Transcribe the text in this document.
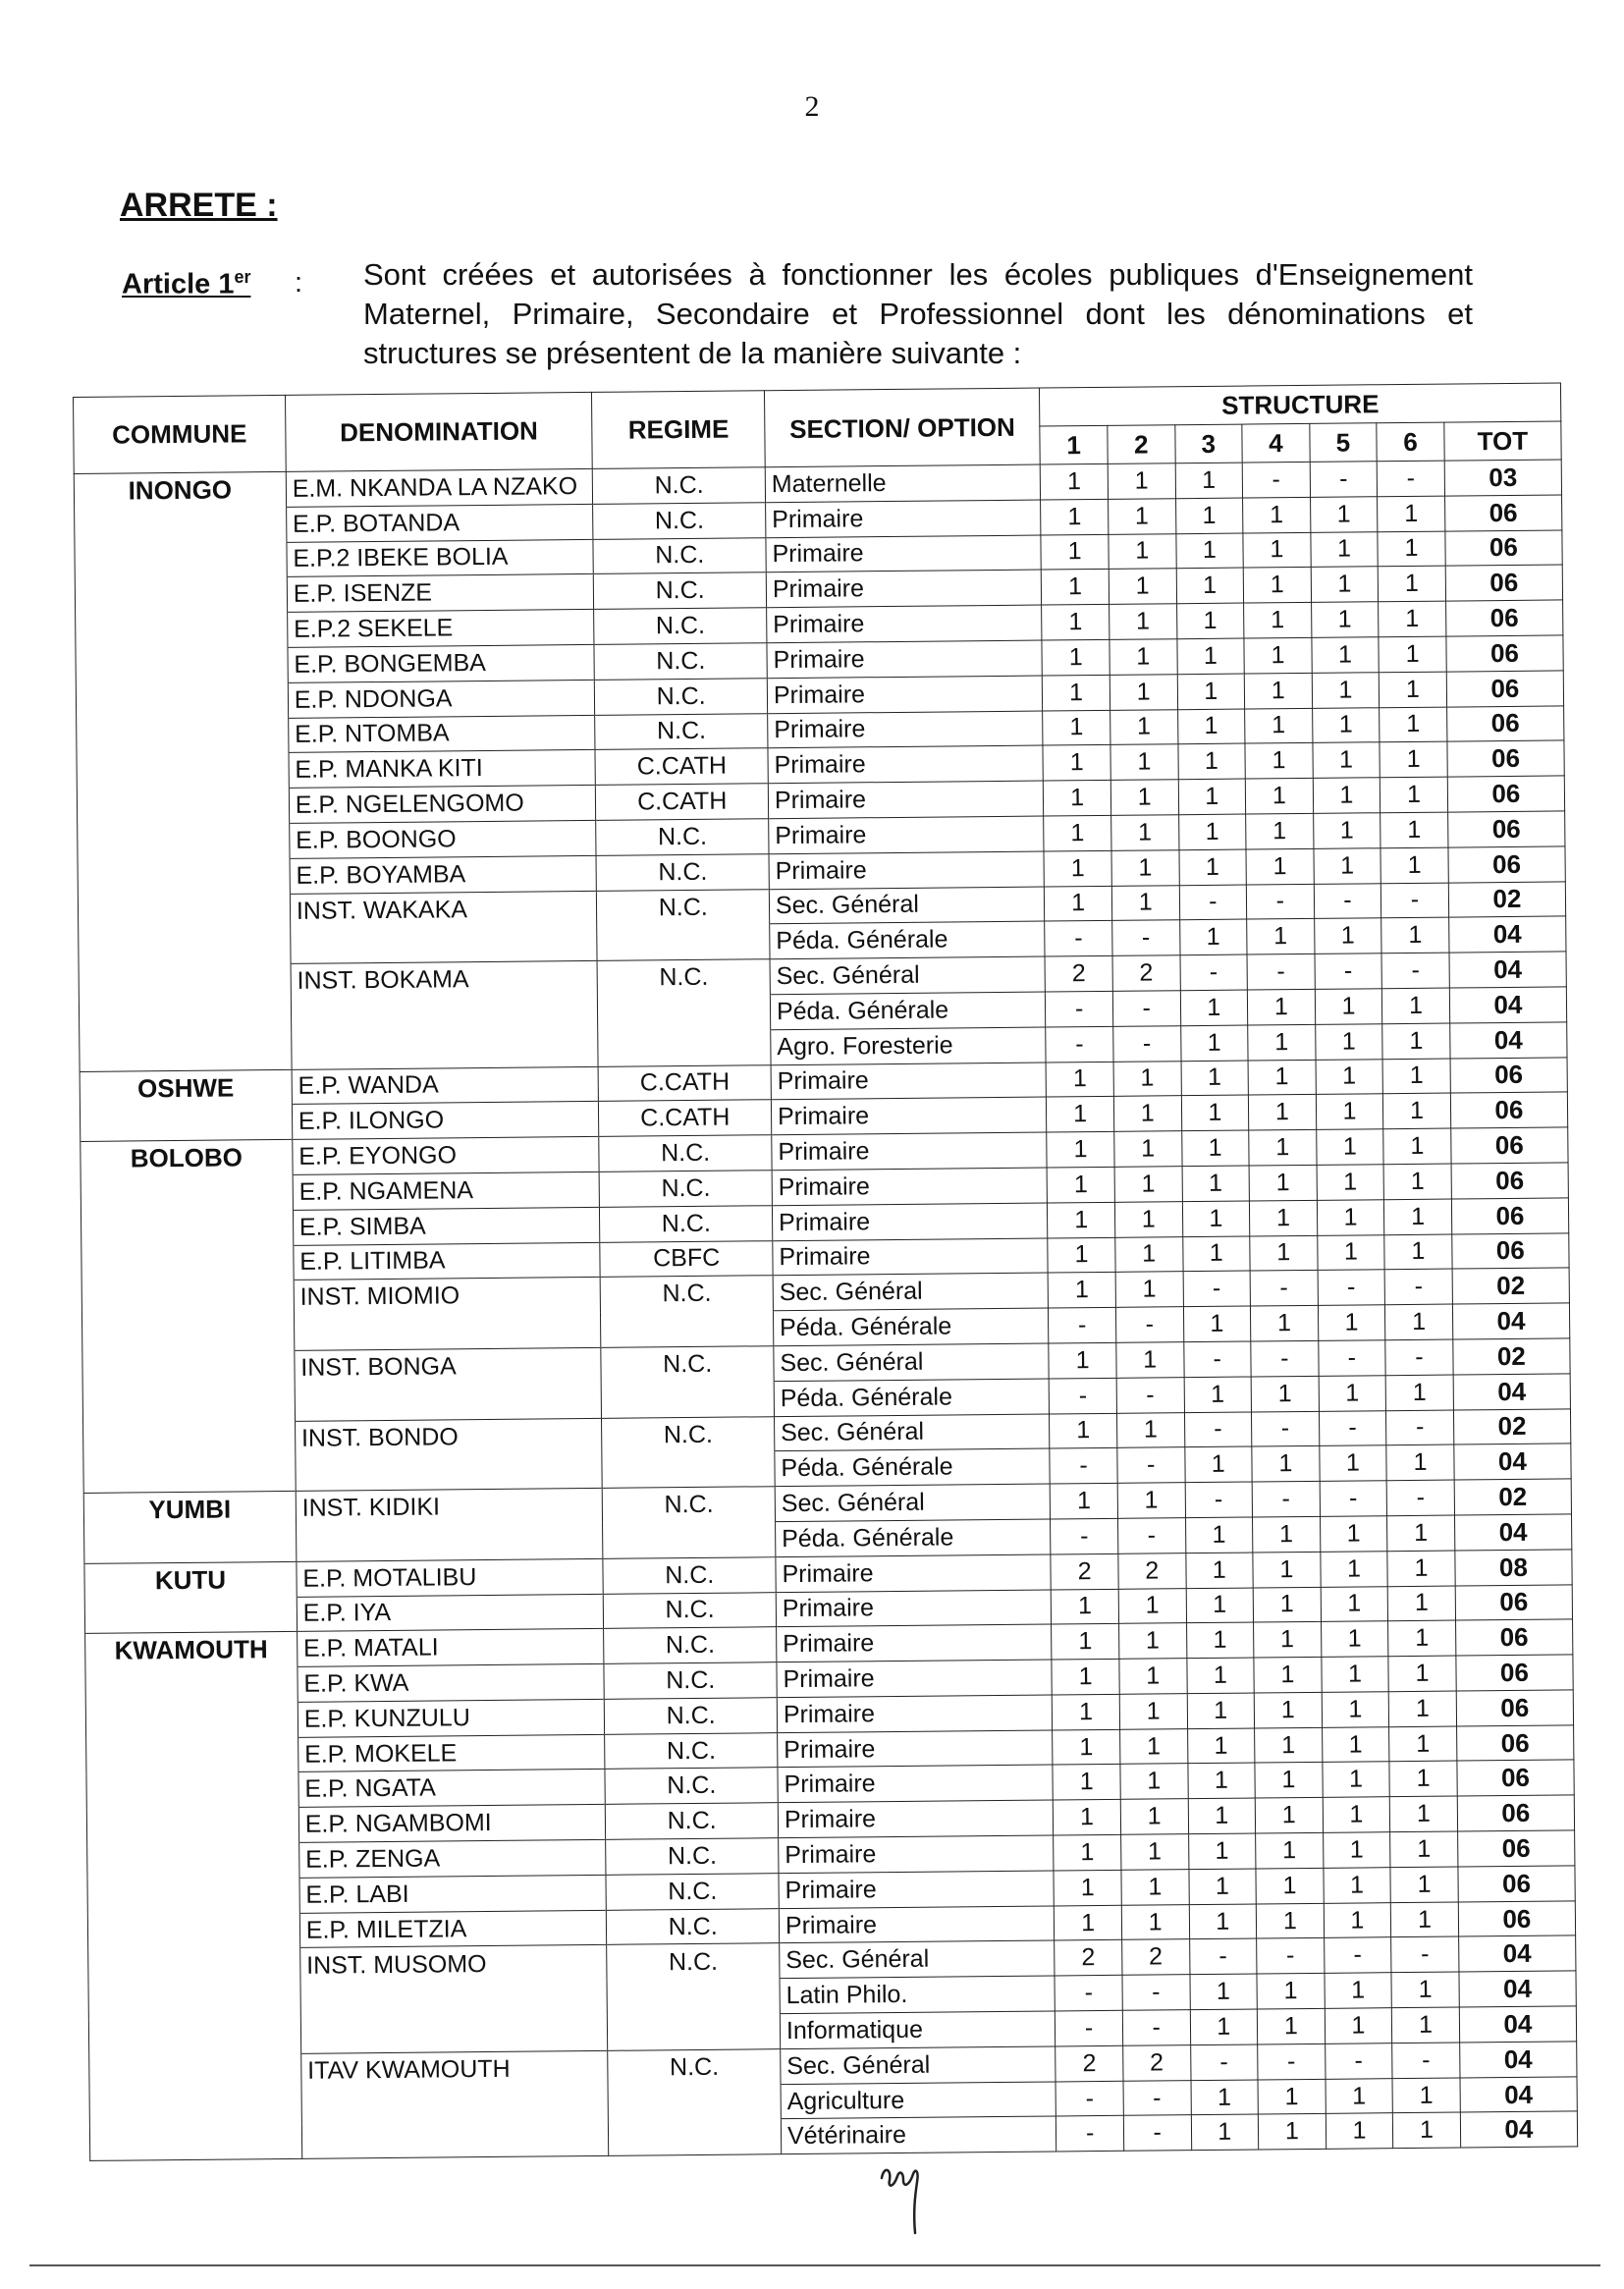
2
ARRETE :
Article 1er : Sont créées et autorisées à fonctionner les écoles publiques d'Enseignement Maternel, Primaire, Secondaire et Professionnel dont les dénominations et structures se présentent de la manière suivante :
COMMUNE	DENOMINATION	REGIME	SECTION/ OPTION	STRUCTURE						
				1	2	3	4	5	6	TOT
INONGO	E.M. NKANDA LA NZAKO	N.C.	Maternelle	1	1	1	-	-	-	03
	E.P. BOTANDA	N.C.	Primaire	1	1	1	1	1	1	06
	E.P.2 IBEKE BOLIA	N.C.	Primaire	1	1	1	1	1	1	06
	E.P. ISENZE	N.C.	Primaire	1	1	1	1	1	1	06
	E.P.2 SEKELE	N.C.	Primaire	1	1	1	1	1	1	06
	E.P. BONGEMBA	N.C.	Primaire	1	1	1	1	1	1	06
	E.P. NDONGA	N.C.	Primaire	1	1	1	1	1	1	06
	E.P. NTOMBA	N.C.	Primaire	1	1	1	1	1	1	06
	E.P. MANKA KITI	C.CATH	Primaire	1	1	1	1	1	1	06
	E.P. NGELENGOMO	C.CATH	Primaire	1	1	1	1	1	1	06
	E.P. BOONGO	N.C.	Primaire	1	1	1	1	1	1	06
	E.P. BOYAMBA	N.C.	Primaire	1	1	1	1	1	1	06
	INST. WAKAKA	N.C.	Sec. Général	1	1	-	-	-	-	02
			Péda. Générale	-	-	1	1	1	1	04
	INST. BOKAMA	N.C.	Sec. Général	2	2	-	-	-	-	04
			Péda. Générale	-	-	1	1	1	1	04
			Agro. Foresterie	-	-	1	1	1	1	04
OSHWE	E.P. WANDA	C.CATH	Primaire	1	1	1	1	1	1	06
	E.P. ILONGO	C.CATH	Primaire	1	1	1	1	1	1	06
BOLOBO	E.P. EYONGO	N.C.	Primaire	1	1	1	1	1	1	06
	E.P. NGAMENA	N.C.	Primaire	1	1	1	1	1	1	06
	E.P. SIMBA	N.C.	Primaire	1	1	1	1	1	1	06
	E.P. LITIMBA	CBFC	Primaire	1	1	1	1	1	1	06
	INST. MIOMIO	N.C.	Sec. Général	1	1	-	-	-	-	02
			Péda. Générale	-	-	1	1	1	1	04
	INST. BONGA	N.C.	Sec. Général	1	1	-	-	-	-	02
			Péda. Générale	-	-	1	1	1	1	04
	INST. BONDO	N.C.	Sec. Général	1	1	-	-	-	-	02
			Péda. Générale	-	-	1	1	1	1	04
YUMBI	INST. KIDIKI	N.C.	Sec. Général	1	1	-	-	-	-	02
			Péda. Générale	-	-	1	1	1	1	04
KUTU	E.P. MOTALIBU	N.C.	Primaire	2	2	1	1	1	1	08
	E.P. IYA	N.C.	Primaire	1	1	1	1	1	1	06
KWAMOUTH	E.P. MATALI	N.C.	Primaire	1	1	1	1	1	1	06
	E.P. KWA	N.C.	Primaire	1	1	1	1	1	1	06
	E.P. KUNZULU	N.C.	Primaire	1	1	1	1	1	1	06
	E.P. MOKELE	N.C.	Primaire	1	1	1	1	1	1	06
	E.P. NGATA	N.C.	Primaire	1	1	1	1	1	1	06
	E.P. NGAMBOMI	N.C.	Primaire	1	1	1	1	1	1	06
	E.P. ZENGA	N.C.	Primaire	1	1	1	1	1	1	06
	E.P. LABI	N.C.	Primaire	1	1	1	1	1	1	06
	E.P. MILETZIA	N.C.	Primaire	1	1	1	1	1	1	06
	INST. MUSOMO	N.C.	Sec. Général	2	2	-	-	-	-	04
			Latin Philo.	-	-	1	1	1	1	04
			Informatique	-	-	1	1	1	1	04
	ITAV KWAMOUTH	N.C.	Sec. Général	2	2	-	-	-	-	04
			Agriculture	-	-	1	1	1	1	04
			Vétérinaire	-	-	1	1	1	1	04
